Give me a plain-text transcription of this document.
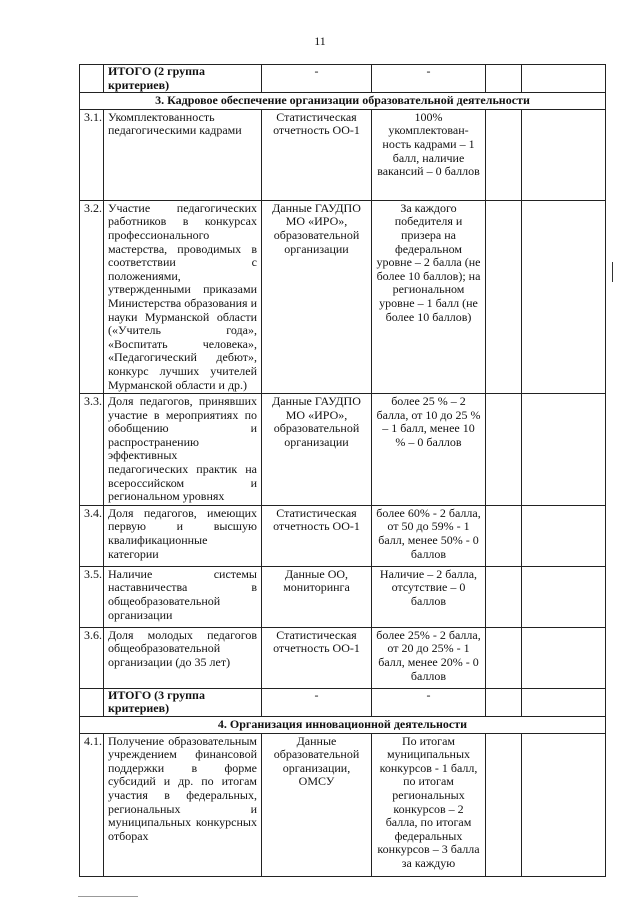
11
	ИТОГО (2 группа критериев)	-	-		
3. Кадровое обеспечение организации образовательной деятельности					
3.1.	Укомплектованность педагогическими кадрами	Статистическая отчетность ОО-1	100% укомплектован- ность кадрами – 1 балл, наличие вакансий – 0 баллов		
3.2.	Участие педагогических работников в конкурсах профессионального мастерства, проводимых в соответствии с положениями, утвержденными приказами Министерства образования и науки Мурманской области («Учитель года», «Воспитать человека», «Педагогический дебют», конкурс лучших учителей Мурманской области и др.)	Данные ГАУДПО МО «ИРО», образовательной организации	За каждого победителя и призера на федеральном уровне – 2 балла (не более 10 баллов); на региональном уровне – 1 балл (не более 10 баллов)		
3.3.	Доля педагогов, принявших участие в мероприятиях по обобщению и распространению эффективных педагогических практик на всероссийском и региональном уровнях	Данные ГАУДПО МО «ИРО», образовательной организации	более 25 % – 2 балла, от 10 до 25 % – 1 балл, менее 10 % – 0 баллов		
3.4.	Доля педагогов, имеющих первую и высшую квалификационные категории	Статистическая отчетность ОО-1	более 60% - 2 балла, от 50 до 59% - 1 балл, менее 50% - 0 баллов		
3.5.	Наличие системы наставничества в общеобразовательной организации	Данные ОО, мониторинга	Наличие – 2 балла, отсутствие – 0 баллов		
3.6.	Доля молодых педагогов общеобразовательной организации (до 35 лет)	Статистическая отчетность ОО-1	более 25% - 2 балла, от 20 до 25% - 1 балл, менее 20% - 0 баллов		
	ИТОГО (3 группа критериев)	-	-		
4. Организация инновационной деятельности					
4.1.	Получение образовательным учреждением финансовой поддержки в форме субсидий и др. по итогам участия в федеральных, региональных и муниципальных конкурсных отборах	Данные образовательной организации, ОМСУ	По итогам муниципальных конкурсов - 1 балл, по итогам региональных конкурсов – 2 балла, по итогам федеральных конкурсов – 3 балла за каждую		
